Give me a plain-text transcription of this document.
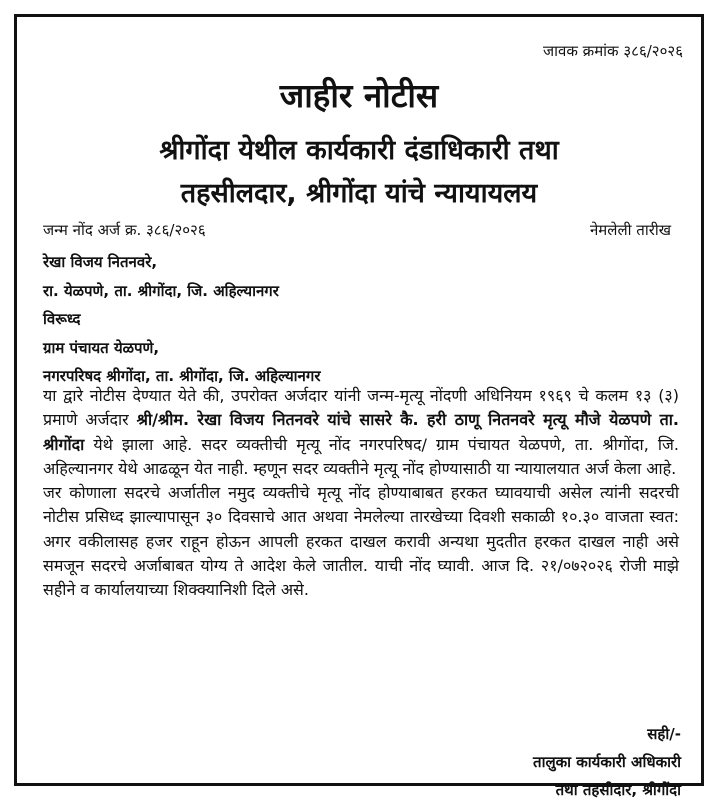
जावक क्रमांक ३८६/२०२६
जाहीर नोटीस
श्रीगोंदा येथील कार्यकारी दंडाधिकारी तथा
तहसीलदार, श्रीगोंदा यांचे न्यायायलय
जन्म नोंद अर्ज क्र. ३८६/२०२६	नेमलेली तारीख
रेखा विजय नितनवरे,
रा. येळपणे, ता. श्रीगोंदा, जि. अहिल्यानगर
विरूध्द
ग्राम पंचायत येळपणे,
नगरपरिषद श्रीगोंदा, ता. श्रीगोंदा, जि. अहिल्यानगर

या द्वारे नोटीस देण्यात येते की, उपरोक्त अर्जदार यांनी जन्म-मृत्यू नोंदणी अधिनियम १९६९ चे कलम १३ (३) प्रमाणे अर्जदार श्री/श्रीम. रेखा विजय नितनवरे यांचे सासरे कै. हरी ठाणू नितनवरे मृत्यू मौजे येळपणे ता. श्रीगोंदा येथे झाला आहे. सदर व्यक्तीची मृत्यू नोंद नगरपरिषद/ ग्राम पंचायत येळपणे, ता. श्रीगोंदा, जि. अहिल्यानगर येथे आढळून येत नाही. म्हणून सदर व्यक्तीने मृत्यू नोंद होण्यासाठी या न्यायालयात अर्ज केला आहे.

जर कोणाला सदरचे अर्जातील नमुद व्यक्तीचे मृत्यू नोंद होण्याबाबत हरकत घ्यावयाची असेल त्यांनी सदरची नोटीस प्रसिध्द झाल्यापासून ३० दिवसाचे आत अथवा नेमलेल्या तारखेच्या दिवशी सकाळी १०.३० वाजता स्वत: अगर वकीलासह हजर राहून होऊन आपली हरकत दाखल करावी अन्यथा मुदतीत हरकत दाखल नाही असे समजून सदरचे अर्जाबाबत योग्य ते आदेश केले जातील. याची नोंद घ्यावी. आज दि. २१/०७२०२६ रोजी माझे सहीने व कार्यालयाच्या शिक्क्यानिशी दिले असे.

सही/-
तालुका कार्यकारी अधिकारी
तथा तहसीदार, श्रीगोंदा
